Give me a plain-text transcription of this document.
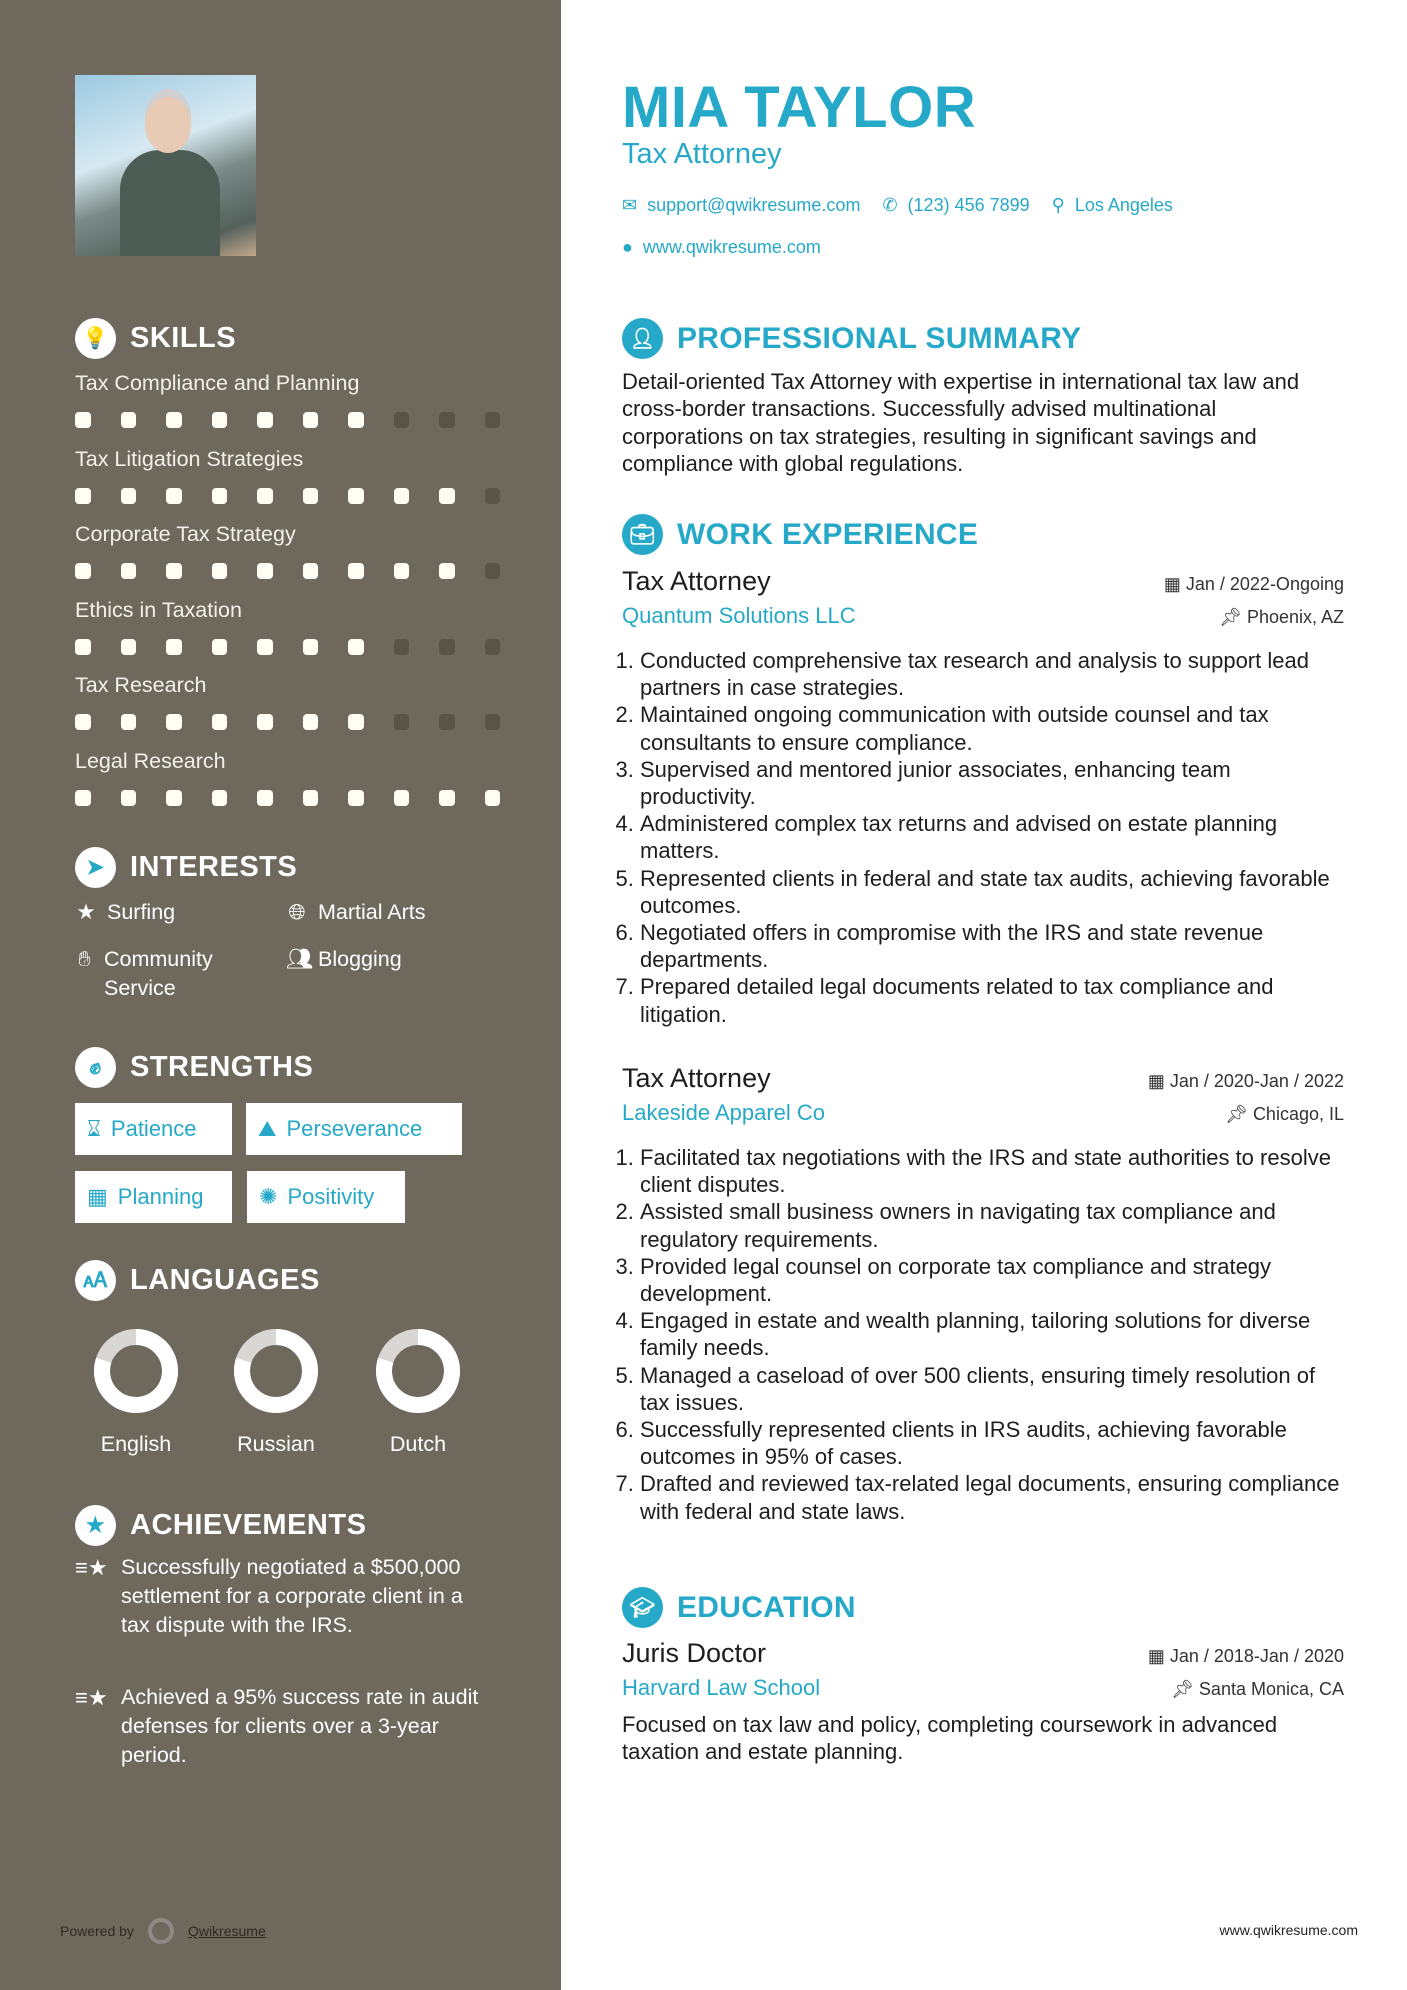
💡 SKILLS
Tax Compliance and Planning
Tax Litigation Strategies
Corporate Tax Strategy
Ethics in Taxation
Tax Research
Legal Research
➤ INTERESTS
★ Surfing	🌐︎ Martial Arts
✋︎ Community Service
👥︎ Blogging
✊︎ STRENGTHS
⌛︎ Patience	⛰︎ Perseverance
▦ Planning	✺ Positivity
🗚︎ LANGUAGES
English	Russian	Dutch
★ ACHIEVEMENTS
≡★ Successfully negotiated a $500,000 settlement for a corporate client in a tax dispute with the IRS.
≡★ Achieved a 95% success rate in audit defenses for clients over a 3-year period.
Powered by	Qwikresume
MIA TAYLOR
Tax Attorney
✉ support@qwikresume.com ✆ (123) 456 7899 ⚲ Los Angeles
● www.qwikresume.com
👤︎ PROFESSIONAL SUMMARY
Detail-oriented Tax Attorney with expertise in international tax law and cross-border transactions. Successfully advised multinational corporations on tax strategies, resulting in significant savings and compliance with global regulations.
💼︎ WORK EXPERIENCE
Tax Attorney	▦ Jan / 2022-Ongoing
Quantum Solutions LLC	📌︎ Phoenix, AZ
1. Conducted comprehensive tax research and analysis to support lead partners in case strategies.
2. Maintained ongoing communication with outside counsel and tax consultants to ensure compliance.
3. Supervised and mentored junior associates, enhancing team productivity.
4. Administered complex tax returns and advised on estate planning matters.
5. Represented clients in federal and state tax audits, achieving favorable outcomes.
6. Negotiated offers in compromise with the IRS and state revenue departments.
7. Prepared detailed legal documents related to tax compliance and litigation.
Tax Attorney	▦ Jan / 2020-Jan / 2022
Lakeside Apparel Co	📌︎ Chicago, IL
1. Facilitated tax negotiations with the IRS and state authorities to resolve client disputes.
2. Assisted small business owners in navigating tax compliance and regulatory requirements.
3. Provided legal counsel on corporate tax compliance and strategy development.
4. Engaged in estate and wealth planning, tailoring solutions for diverse family needs.
5. Managed a caseload of over 500 clients, ensuring timely resolution of tax issues.
6. Successfully represented clients in IRS audits, achieving favorable outcomes in 95% of cases.
7. Drafted and reviewed tax-related legal documents, ensuring compliance with federal and state laws.
🎓︎ EDUCATION
Juris Doctor	▦ Jan / 2018-Jan / 2020
Harvard Law School	📌︎ Santa Monica, CA
Focused on tax law and policy, completing coursework in advanced taxation and estate planning.
www.qwikresume.com
